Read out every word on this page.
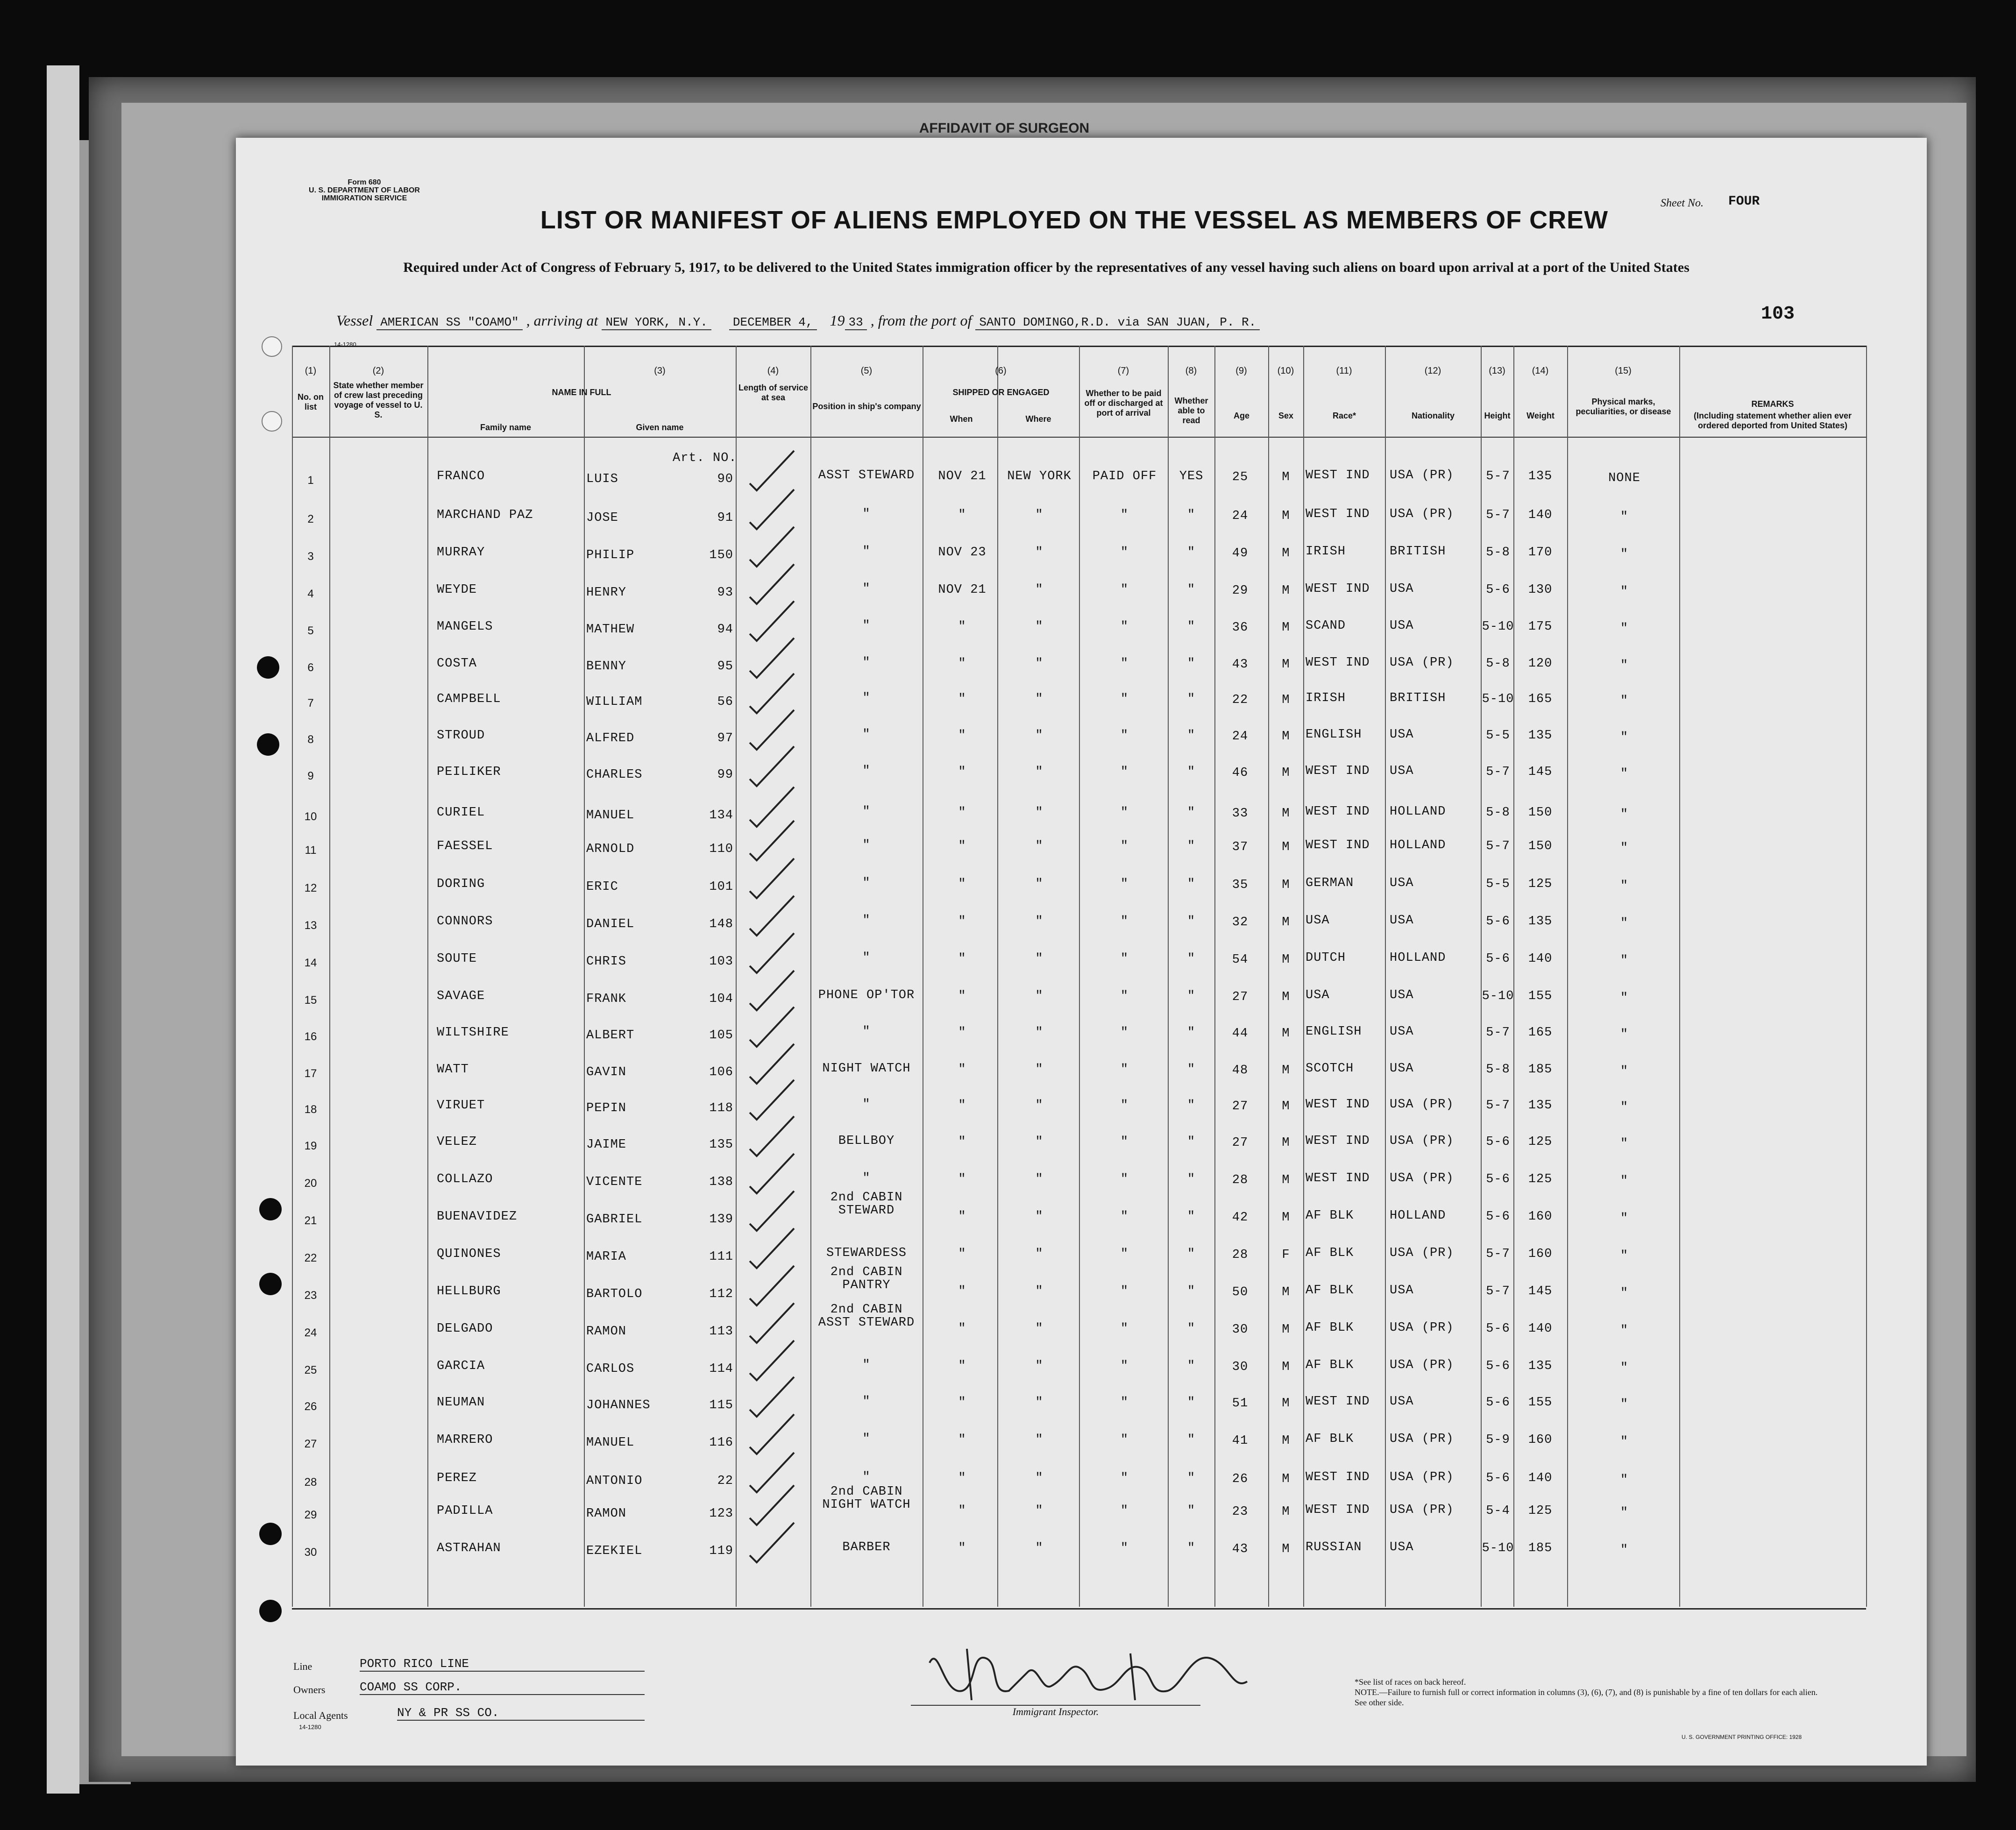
AFFIDAVIT OF SURGEON
Form 680
U. S. DEPARTMENT OF LABOR
IMMIGRATION SERVICE
14-1280
LIST OR MANIFEST OF ALIENS EMPLOYED ON THE VESSEL AS MEMBERS OF CREW
Sheet No. FOUR
Required under Act of Congress of February 5, 1917, to be delivered to the United States immigration officer by the representatives of any vessel having such aliens on board upon arrival at a port of the United States
Vessel AMERICAN SS "COAMO" , arriving at NEW YORK, N.Y. DECEMBER 4, 19 33 , from the port of SANTO DOMINGO,R.D. via SAN JUAN, P. R.	103
(1)	(2)	(3)	(4)	(5)	(6)	(7)	(8)	(9)	(10)	(11)	(12)	(13)	(14)	(15)
No. on list
State whether member of crew last preceding voyage of vessel to U. S.
NAME IN FULL
Family name	Given name
Length of service at sea
Position in ship's company
SHIPPED OR ENGAGED
When	Where
Whether to be paid off or discharged at port of arrival
Whether able to read	Age	Sex	Race*	Nationality	Height	Weight
Physical marks, peculiarities, or disease
REMARKS
(Including statement whether alien ever ordered deported from United States)
Art. NO.
1	FRANCO	LUIS	90	ASST STEWARD	NOV 21	NEW YORK	PAID OFF	YES	25	M	WEST IND	USA (PR)	5-7	135	NONE
2	MARCHAND PAZ	JOSE	91	"	"	"	"	"	24	M	WEST IND	USA (PR)	5-7	140	"
3	MURRAY	PHILIP	150	"	NOV 23	"	"	"	49	M	IRISH	BRITISH	5-8	170	"
4	WEYDE	HENRY	93	"	NOV 21	"	"	"	29	M	WEST IND	USA	5-6	130	"
5	MANGELS	MATHEW	94	"	"	"	"	"	36	M	SCAND	USA	5-10	175	"
6	COSTA	BENNY	95	"	"	"	"	"	43	M	WEST IND	USA (PR)	5-8	120	"
7	CAMPBELL	WILLIAM	56	"	"	"	"	"	22	M	IRISH	BRITISH	5-10	165	"
8	STROUD	ALFRED	97	"	"	"	"	"	24	M	ENGLISH	USA	5-5	135	"
9	PEILIKER	CHARLES	99	"	"	"	"	"	46	M	WEST IND	USA	5-7	145	"
10	CURIEL	MANUEL	134	"	"	"	"	"	33	M	WEST IND	HOLLAND	5-8	150	"
11	FAESSEL	ARNOLD	110	"	"	"	"	"	37	M	WEST IND	HOLLAND	5-7	150	"
12	DORING	ERIC	101	"	"	"	"	"	35	M	GERMAN	USA	5-5	125	"
13	CONNORS	DANIEL	148	"	"	"	"	"	32	M	USA	USA	5-6	135	"
14	SOUTE	CHRIS	103	"	"	"	"	"	54	M	DUTCH	HOLLAND	5-6	140	"
15	SAVAGE	FRANK	104	PHONE OP'TOR	"	"	"	"	27	M	USA	USA	5-10	155	"
16	WILTSHIRE	ALBERT	105	"	"	"	"	"	44	M	ENGLISH	USA	5-7	165	"
17	WATT	GAVIN	106	NIGHT WATCH	"	"	"	"	48	M	SCOTCH	USA	5-8	185	"
18	VIRUET	PEPIN	118	"	"	"	"	"	27	M	WEST IND	USA (PR)	5-7	135	"
19	VELEZ	JAIME	135	BELLBOY	"	"	"	"	27	M	WEST IND	USA (PR)	5-6	125	"
20	COLLAZO	VICENTE	138	"	"	"	"	"	28	M	WEST IND	USA (PR)	5-6	125	"
21	BUENAVIDEZ	GABRIEL	139
2nd CABIN STEWARD	"	"	"	"	42	M	AF BLK	HOLLAND	5-6	160	"
22	QUINONES	MARIA	111	STEWARDESS	"	"	"	"	28	F	AF BLK	USA (PR)	5-7	160	"
23	HELLBURG	BARTOLO	112
2nd CABIN PANTRY	"	"	"	"	50	M	AF BLK	USA	5-7	145	"
24	DELGADO	RAMON	113
2nd CABIN ASST STEWARD	"	"	"	"	30	M	AF BLK	USA (PR)	5-6	140	"
25	GARCIA	CARLOS	114	"	"	"	"	"	30	M	AF BLK	USA (PR)	5-6	135	"
26	NEUMAN	JOHANNES	115	"	"	"	"	"	51	M	WEST IND	USA	5-6	155	"
27	MARRERO	MANUEL	116	"	"	"	"	"	41	M	AF BLK	USA (PR)	5-9	160	"
28	PEREZ	ANTONIO	22	"	"	"	"	"	26	M	WEST IND	USA (PR)	5-6	140	"
29	PADILLA	RAMON	123
2nd CABIN NIGHT WATCH	"	"	"	"	23	M	WEST IND	USA (PR)	5-4	125	"
30	ASTRAHAN	EZEKIEL	119	BARBER	"	"	"	"	43	M	RUSSIAN	USA	5-10	185	"
Line	PORTO RICO LINE
Owners	COAMO SS CORP.
Local Agents	NY & PR SS CO.
14-1280
Immigrant Inspector.
*See list of races on back hereof.
NOTE.—Failure to furnish full or correct information in columns (3), (6), (7), and (8) is punishable by a fine of ten dollars for each alien. See other side.
U. S. GOVERNMENT PRINTING OFFICE: 1928
